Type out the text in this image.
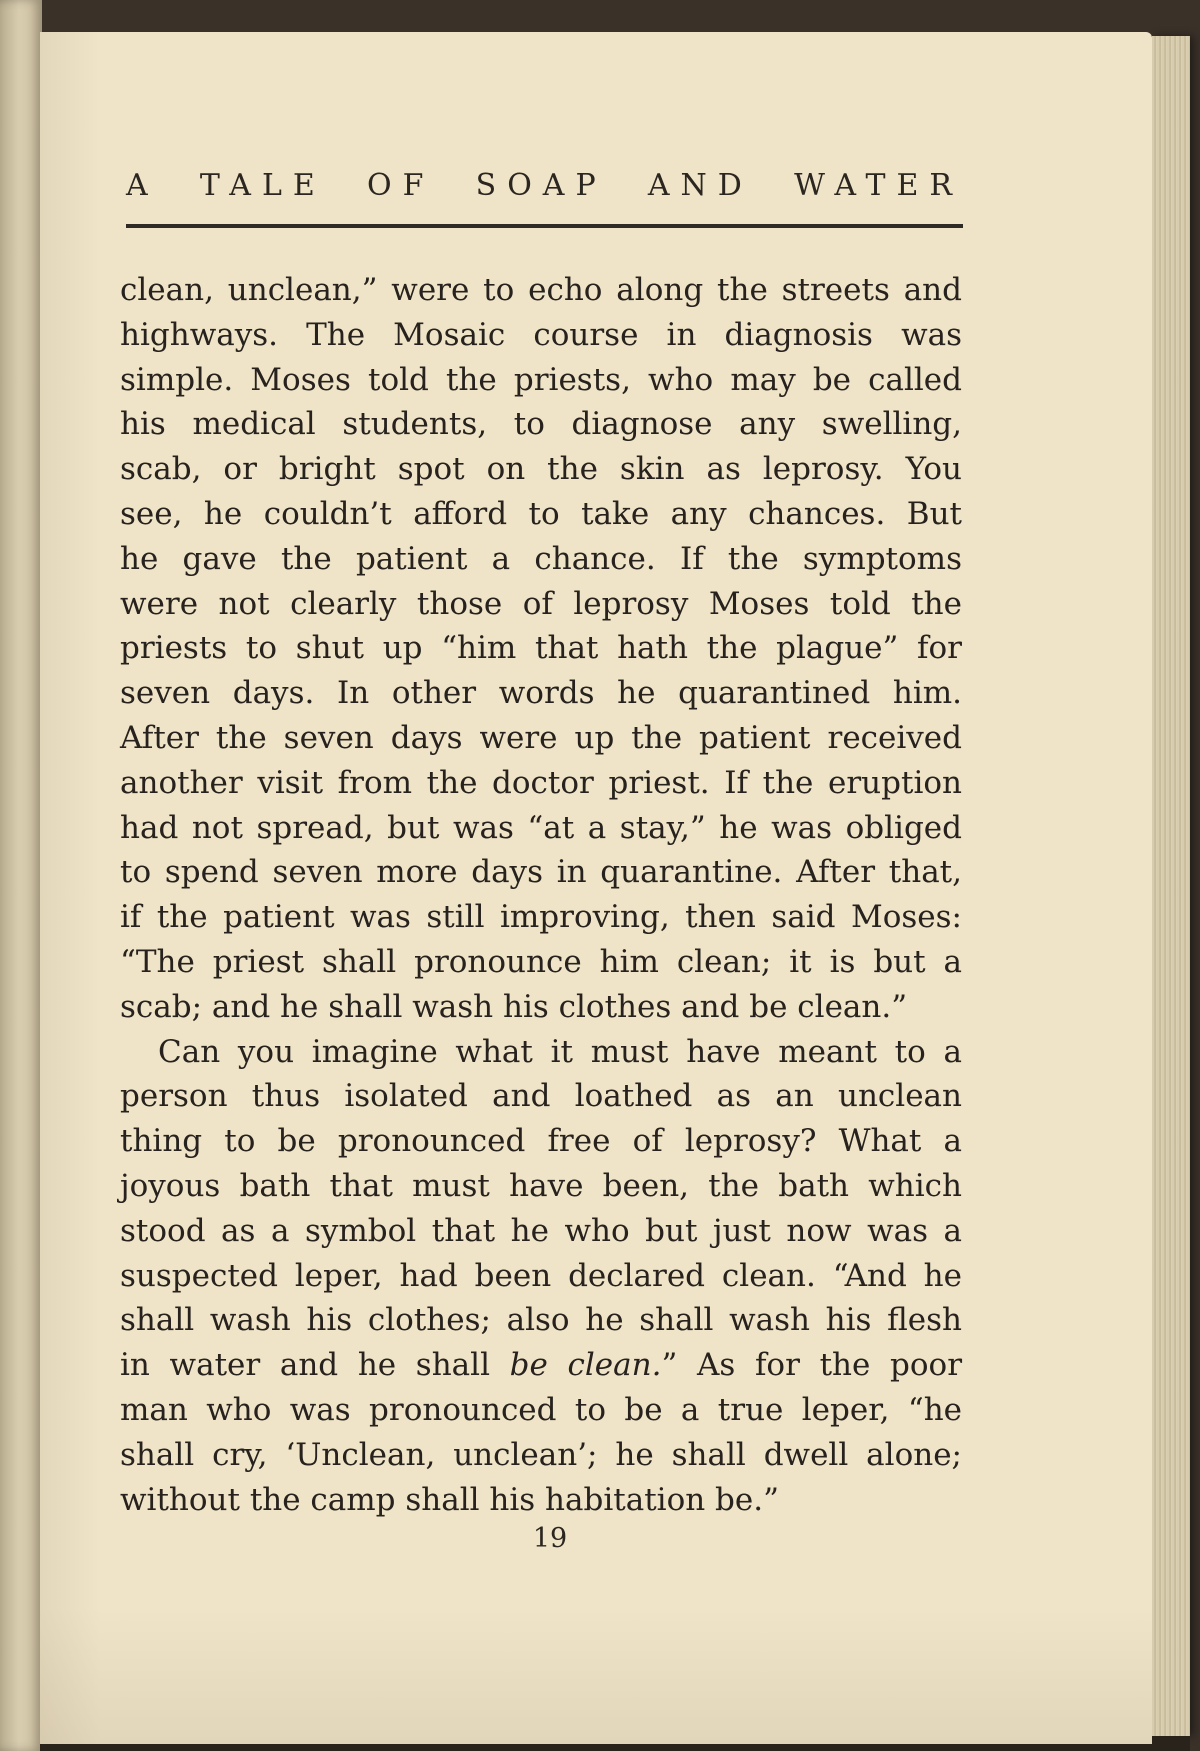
A TALE OF SOAP AND WATER
clean, unclean,” were to echo along the streets and
highways. The Mosaic course in diagnosis was
simple. Moses told the priests, who may be called
his medical students, to diagnose any swelling,
scab, or bright spot on the skin as leprosy. You
see, he couldn’t afford to take any chances. But
he gave the patient a chance. If the symptoms
were not clearly those of leprosy Moses told the
priests to shut up “him that hath the plague” for
seven days. In other words he quarantined him.
After the seven days were up the patient received
another visit from the doctor priest. If the eruption
had not spread, but was “at a stay,” he was obliged
to spend seven more days in quarantine. After that,
if the patient was still improving, then said Moses:
“The priest shall pronounce him clean; it is but a
scab; and he shall wash his clothes and be clean.”
Can you imagine what it must have meant to a
person thus isolated and loathed as an unclean
thing to be pronounced free of leprosy? What a
joyous bath that must have been, the bath which
stood as a symbol that he who but just now was a
suspected leper, had been declared clean. “And he
shall wash his clothes; also he shall wash his flesh
in water and he shall be clean.” As for the poor
man who was pronounced to be a true leper, “he
shall cry, ‘Unclean, unclean’; he shall dwell alone;
without the camp shall his habitation be.”
19
